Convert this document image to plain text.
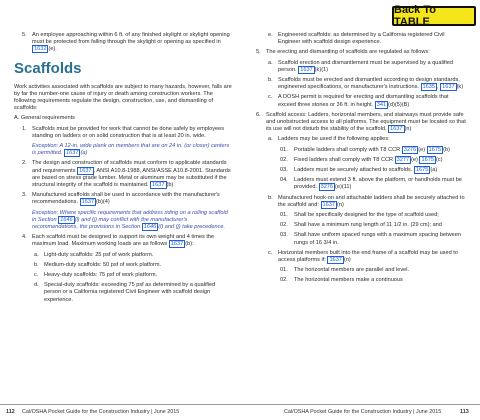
Back To TABLE
5. An employee approaching within 6 ft. of any finished skylight or skylight opening must be protected from falling through the skylight or opening as specified in 1632 (e).
Scaffolds

Work activities associated with scaffolds are subject to many hazards, however, falls are by far the number-one cause of injury or death among construction workers. The following requirements regulate the design, construction, use, and dismantling of scaffolds:

A. General requirements

1. Scaffolds must be provided for work that cannot be done safely by employees standing on ladders or on solid construction that is at least 20 in. wide.

Exception: A 12-in. wide plank on members that are on 24 in. (or closer) centers is permitted. 1637 (a)

2. The design and construction of scaffolds must conform to applicable standards and requirements 1637 , ANSI A10.8-1988, ANSI/ASSE A10.8-2001. Standards are based on stress grade lumber. Metal or aluminum may be substituted if the structural integrity of the scaffold is maintained. 1637 (b)
3. Manufactured scaffolds shall be used in accordance with the manufacturer's recommendations. 1637 (b)(4)

Exception: Where specific requirements that address riding on a rolling scaffold in Section 1646 (l) and (j) may conflict with the manufacturer's recommendations, the provisions in Section 1646 (l) and (j) take precedence.

4. Each scaffold must be designed to support its own weight and 4 times the maximum load. Maximum working loads are as follows 1637 (b):
a. Light-duty scaffolds: 25 psf of work platform.
b. Medium-duty scaffolds: 50 psf of work platform.
c.	Heavy-duty scaffolds: 75 psf of work platform.
d. Special-duty scaffolds: exceeding 75 psf as determined by a qualified person or a California registered Civil Engineer with scaffold design experience.
e. Engineered scaffolds: as determined by a California registered Civil Engineer with scaffold design experience.
5. The erecting and dismantling of scaffolds are regulated as follows:
a. Scaffold erection and dismantlement must be supervised by a qualified person. 1637 (k)(1)
b. Scaffolds must be erected and dismantled according to design standards, engineered specifications, or manufacturer's instructions. 1635 , 1637 (k)
c.	A DOSH permit is required for erecting and dismantling scaffolds that exceed three stories or 36 ft. in height. 341 (d)(5)(B)
6. Scaffold access: Ladders, horizontal members, and stairways must provide safe and unobstructed access to all platforms. The equipment must be located so that its use will not disturb the stability of the scaffold. 1637 (n)
a. Ladders may be used if the following applies:
01.	Portable ladders shall comply with T8 CCR 3276 (e) 1675 (b)
02.	Fixed ladders shall comply with T8 CCR 3277 (e) 1675 (c)
03.	Ladders must be securely attached to scaffolds. 1675 (a)
04.	Ladders must extend 3 ft. above the platform, or handholds must be provided. 3276 (e)(11)
b. Manufactured hook-on and attachable ladders shall be securely attached to the scaffold and: 1637 (n)
01.	Shall be specifically designed for the type of scaffold used;
02.	Shall have a minimum rung length of 11 1/2 in. (29 cm); and
03.	Shall have uniform spaced rungs with a maximum spacing between rungs of 16 3/4 in.
c.	Horizontal members built into the end frame of a scaffold may be used to access platforms if: 1637 (n)
01.	The horizontal members are parallel and level.
02.	The horizontal members make a continuous
112 Cal/OSHA Pocket Guide for the Construction Industry | June 2015	Cal/OSHA Pocket Guide for the Construction Industry | June 2015	113
